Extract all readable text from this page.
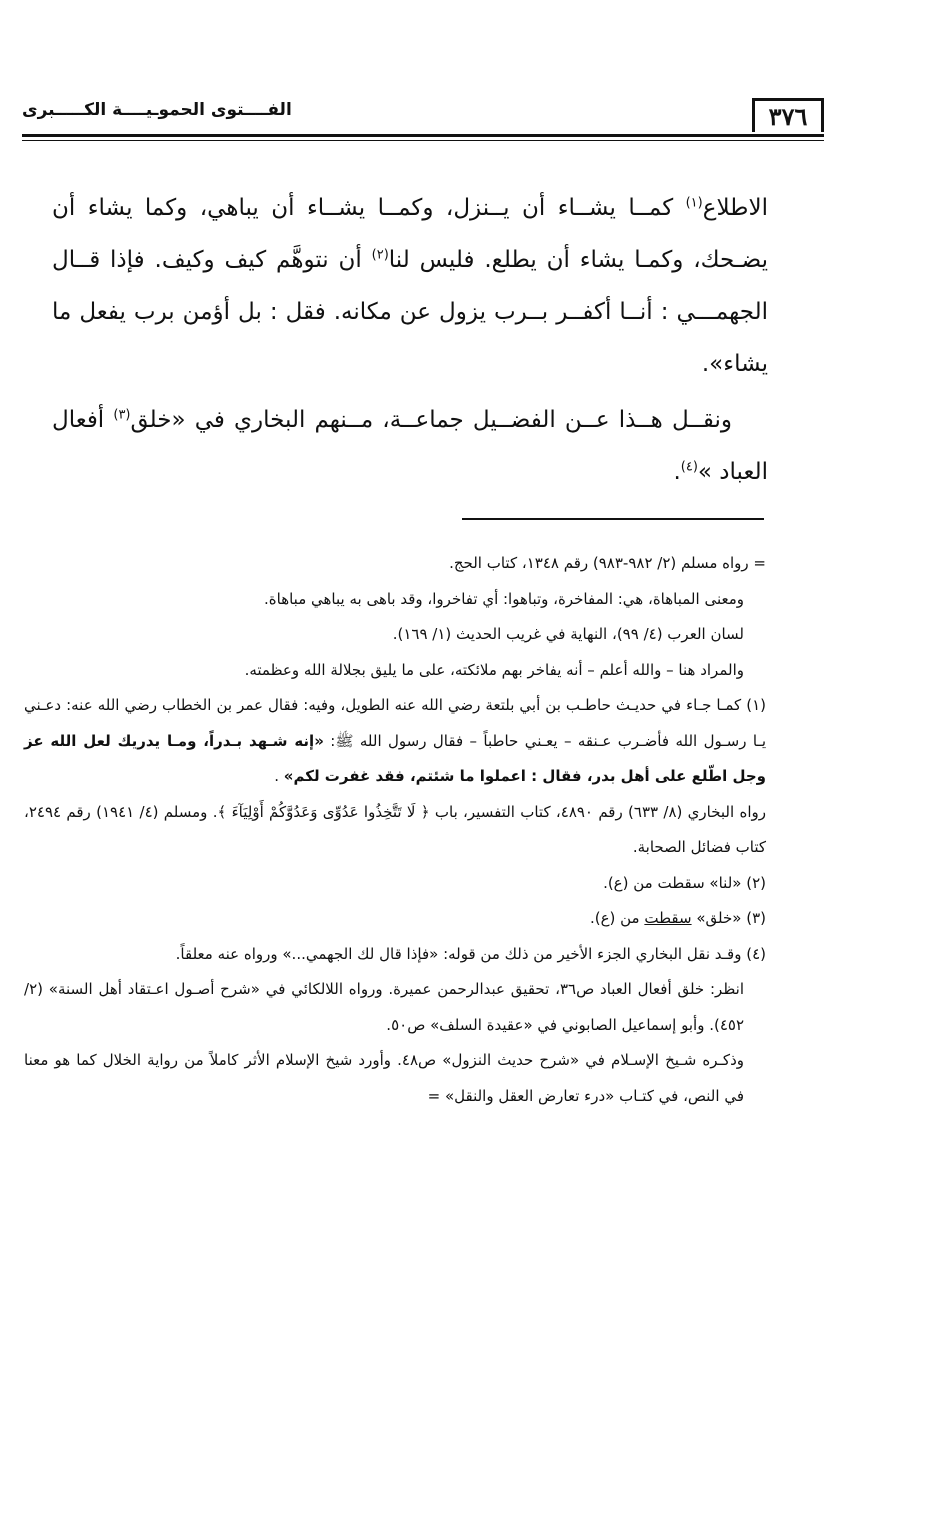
٣٧٦
الفــــتوى الحموـيــــة الكـــــبرى

الاطلاع$^{(١)}$ كمــا يشــاء أن يــنزل، وكمــا يشــاء أن يباهي، وكما يشاء أن يضـحك، وكمـا يشاء أن يطلع. فليس لنا$^{(٢)}$ أن نتوهَّم كيف وكيف. فإذا قــال الجهمـــي : أنــا أكفــر بــرب يزول عن مكانه. فقل : بل أؤمن برب يفعل ما يشاء».

ونقــل هــذا عــن الفضــيل جماعــة، مــنهم البخاري في «خلق$^{(٣)}$ أفعال العباد »$^{(٤)}$.

= رواه مسلم (٢/ ٩٨٢-٩٨٣) رقم ١٣٤٨، كتاب الحج.

ومعنى المباهاة، هي: المفاخرة، وتباهوا: أي تفاخروا، وقد باهى به يباهي مباهاة.

لسان العرب (٤/ ٩٩)، النهاية في غريب الحديث (١/ ١٦٩).

والمراد هنا – والله أعلم – أنه يفاخر بهم ملائكته، على ما يليق بجلالة الله وعظمته.

(١) كمـا جـاء في حديـث حاطـب بن أبي بلتعة رضي الله عنه الطويل، وفيه: فقال عمر بن الخطاب رضي الله عنه: دعـني يـا رسـول الله فأضـرب عـنقه – يعـني حاطباً – فقال رسول الله ﷺ: «إنه شـهد بـدراً، ومـا يدريك لعل الله عز وجل اطّلع على أهل بدر، فقال : اعملوا ما شئتم، فقد غفرت لكم» .

رواه البخاري (٨/ ٦٣٣) رقم ٤٨٩٠، كتاب التفسير، باب ﴿ لَا تَتَّخِذُوا عَدُوِّى وَعَدُوَّكُمْ أَوْلِيَآءَ ﴾. ومسلم (٤/ ١٩٤١) رقم ٢٤٩٤، كتاب فضائل الصحابة.

(٢) «لنا» سقطت من (ع).

(٣) «خلق» سقطت من (ع).

(٤) وقـد نقل البخاري الجزء الأخير من ذلك من قوله: «فإذا قال لك الجهمي...» ورواه عنه معلقاً.

انظر: خلق أفعال العباد ص٣٦، تحقيق عبدالرحمن عميرة. ورواه اللالكائي في «شرح أصـول اعـتقاد أهل السنة» (٢/ ٤٥٢). وأبو إسماعيل الصابوني في «عقيدة السلف» ص٥٠.

وذكـره شـيخ الإسـلام في «شرح حديث النزول» ص٤٨. وأورد شيخ الإسلام الأثر كاملاً من رواية الخلال كما هو معنا في النص، في كتـاب «درء تعارض العقل والنقل» =
